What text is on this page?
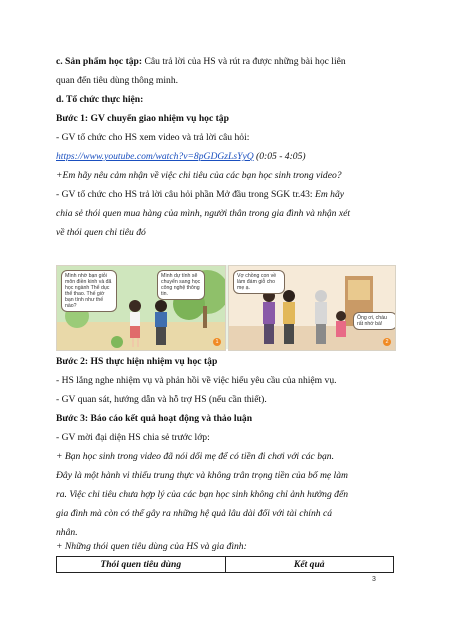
c. Sản phẩm học tập: Câu trả lời của HS và rút ra được những bài học liên
quan đến tiêu dùng thông minh.
d. Tổ chức thực hiện:
Bước 1: GV chuyển giao nhiệm vụ học tập
- GV tổ chức cho HS xem video và trả lời câu hỏi:
https://www.youtube.com/watch?v=8pGDGzLsYyQ (0:05 - 4:05)
+Em hãy nêu cảm nhận về việc chi tiêu của các bạn học sinh trong video?
- GV tổ chức cho HS trả lời câu hỏi phần Mở đầu trong SGK tr.43: Em hãy
chia sẻ thói quen mua hàng của mình, người thân trong gia đình và nhận xét
về thói quen chi tiêu đó
Mình nhờ bạn giỏi môn điền kinh và đã học ngành Thể dục thể thao. Thế giờ bạn tính như thế nào?
Mình dự tính sẽ chuyển sang học công nghệ thông tin.
1
Vợ chồng con về làm đám giỗ cho mẹ ạ.
Ông ơi, cháu rất nhớ bà!
2
Bước 2: HS thực hiện nhiệm vụ học tập
- HS lắng nghe nhiệm vụ và phản hồi về việc hiểu yêu cầu của nhiệm vụ.
- GV quan sát, hướng dẫn và hỗ trợ HS (nếu cần thiết).
Bước 3: Báo cáo kết quả hoạt động và thảo luận
- GV mời đại diện HS chia sẻ trước lớp:
+ Bạn học sinh trong video đã nói dối mẹ để có tiền đi chơi với các bạn.
Đây là một hành vi thiếu trung thực và không trân trọng tiền của bố mẹ làm
ra. Việc chi tiêu chưa hợp lý của các bạn học sinh không chỉ ảnh hưởng đến
gia đình mà còn có thể gây ra những hệ quả lâu dài đối với tài chính cá
nhân.
+ Những thói quen tiêu dùng của HS và gia đình:
Thói quen tiêu dùng	Kết quả
3
